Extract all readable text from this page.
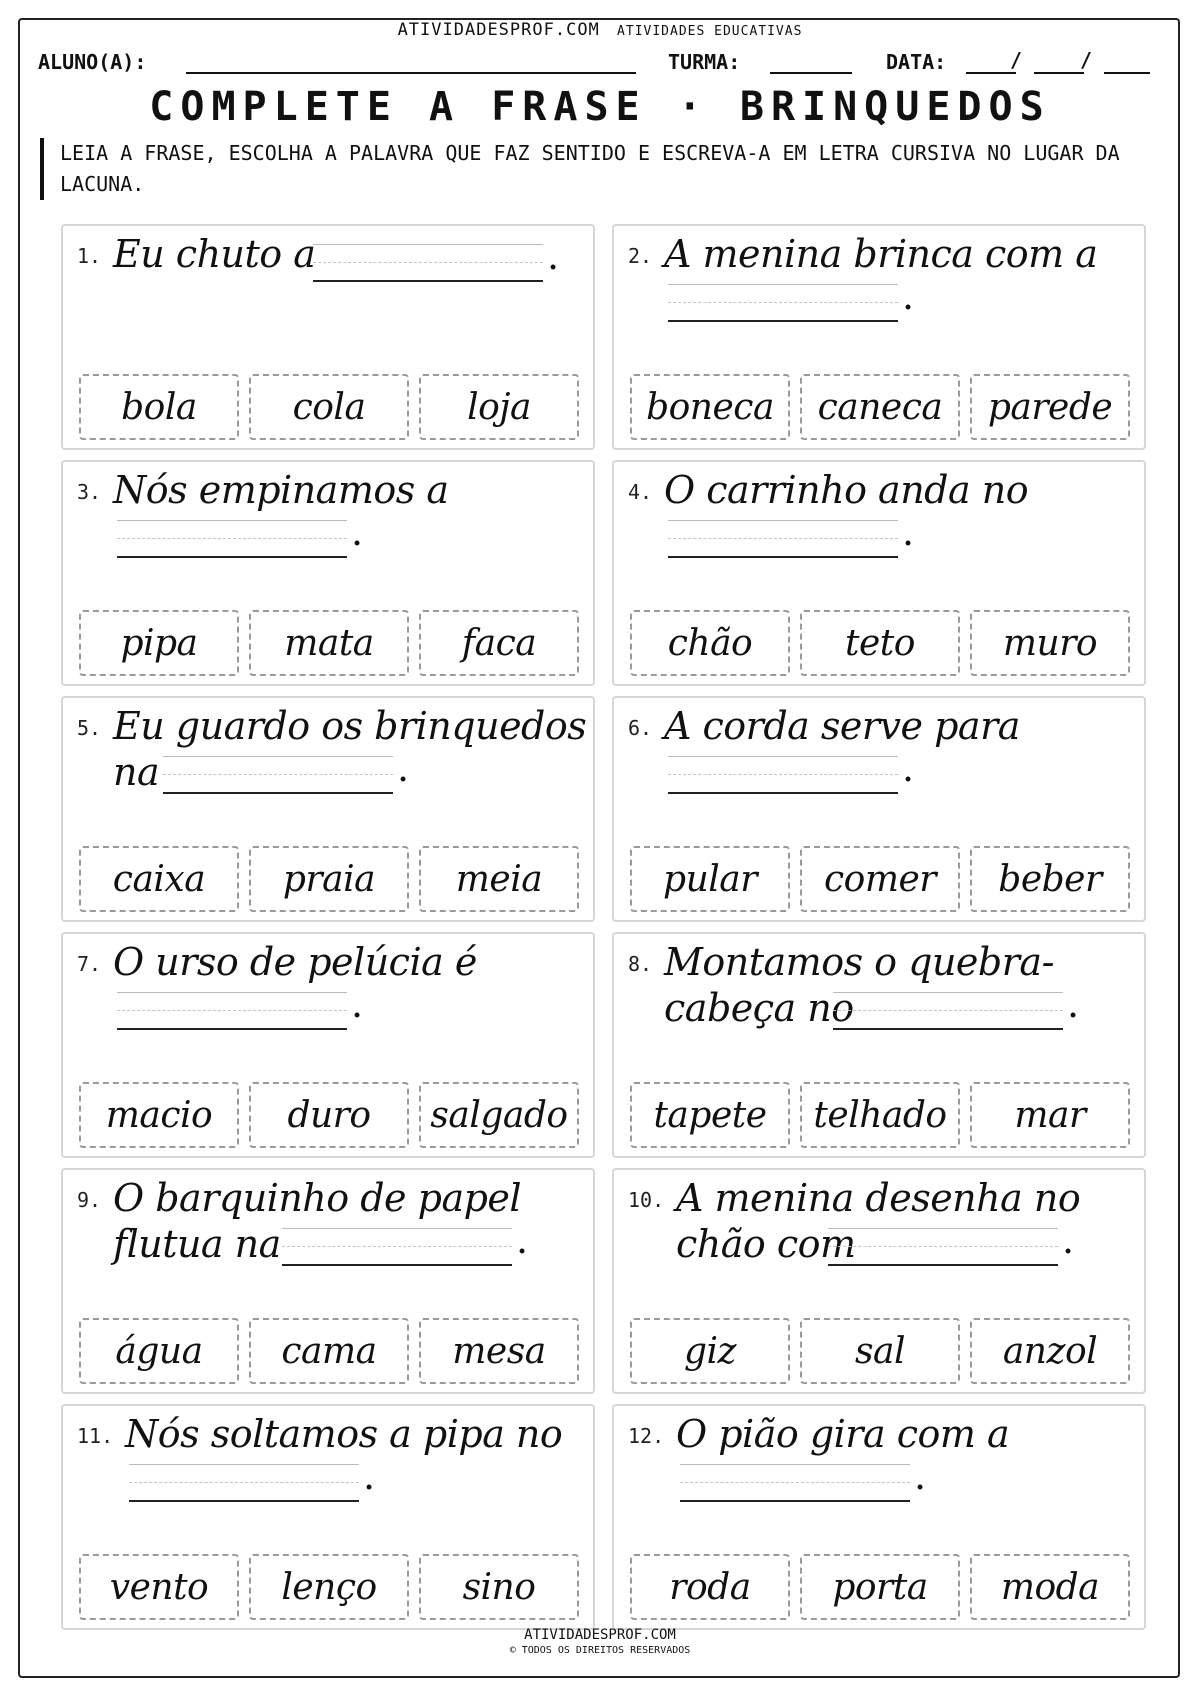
ATIVIDADESPROF.COM ATIVIDADES EDUCATIVAS
ALUNO(A):	TURMA:	DATA:	/	/
COMPLETE A FRASE · BRINQUEDOS
LEIA A FRASE, ESCOLHA A PALAVRA QUE FAZ SENTIDO E ESCREVA-A EM LETRA CURSIVA NO LUGAR DA LACUNA.
1. Eu chuto a	.
bola	cola	loja
2. A menina brinca com a
.
boneca	caneca	parede
3. Nós empinamos a
.
pipa	mata	faca
4. O carrinho anda no
.
chão	teto	muro
5. Eu guardo os brinquedos
na	.
caixa	praia	meia
6. A corda serve para
.
pular	comer	beber
7. O urso de pelúcia é
.
macio	duro	salgado
8. Montamos o quebra-
cabeça no	.
tapete	telhado	mar
9. O barquinho de papel
flutua na	.
água	cama	mesa
10. A menina desenha no
chão com	.
giz	sal	anzol
11. Nós soltamos a pipa no
.
vento	lenço	sino
12. O pião gira com a
.
roda	porta	moda
ATIVIDADESPROF.COM
© TODOS OS DIREITOS RESERVADOS
